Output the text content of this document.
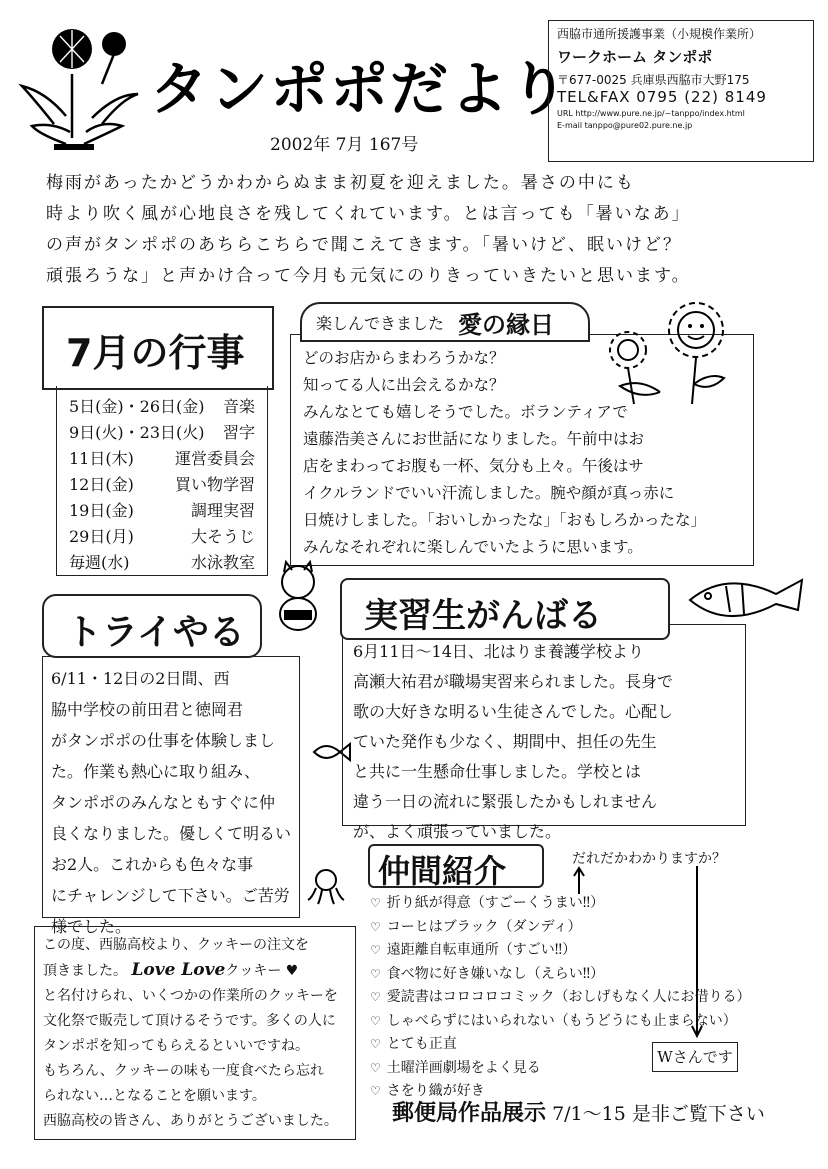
タンポポだより
2002年 7月 167号
西脇市通所援護事業（小規模作業所）
ワークホーム タンポポ
〒677-0025 兵庫県西脇市大野175
TEL&FAX 0795 (22) 8149
URL http://www.pure.ne.jp/~tanppo/index.html
E-mail tanppo@pure02.pure.ne.jp
梅雨があったかどうかわからぬまま初夏を迎えました。暑さの中にも
時より吹く風が心地良さを残してくれています。とは言っても「暑いなあ」
の声がタンポポのあちらこちらで聞こえてきます。「暑いけど、眠いけど？
頑張ろうな」と声かけ合って今月も元気にのりきっていきたいと思います。
7月の行事
5日(金)・26日(金) 音楽
9日(火)・23日(火) 習字
11日(木)	運営委員会
12日(金)	買い物学習
19日(金)	調理実習
29日(月)	大そうじ
毎週(水)	水泳教室
どのお店からまわろうかな？
知ってる人に出会えるかな？
みんなとても嬉しそうでした。ボランティアで
遠藤浩美さんにお世話になりました。午前中はお
店をまわってお腹も一杯、気分も上々。午後はサ
イクルランドでいい汗流しました。腕や顔が真っ赤に
日焼けしました。「おいしかったな」「おもしろかったな」
みんなそれぞれに楽しんでいたように思います。
楽しんできました 愛の縁日
6/11・12日の2日間、西
脇中学校の前田君と徳岡君
がタンポポの仕事を体験しまし
た。作業も熱心に取り組み、
タンポポのみんなともすぐに仲
良くなりました。優しくて明るい
お2人。これからも色々な事
にチャレンジして下さい。ご苦労
様でした。
トライやる	6月11日〜14日、北はりま養護学校より
高瀬大祐君が職場実習来られました。長身で
歌の大好きな明るい生徒さんでした。心配し
ていた発作も少なく、期間中、担任の先生
と共に一生懸命仕事しました。学校とは
違う一日の流れに緊張したかもしれません
が、よく頑張っていました。
実習生がんばる
仲間紹介	だれだかわかりますか？
♡ 折り紙が得意（すごーくうまい‼）
♡ コーヒはブラック（ダンディ）
♡ 遠距離自転車通所（すごい‼）
♡ 食べ物に好き嫌いなし（えらい‼）
♡ 愛読書はコロコロコミック（おしげもなく人にお借りる）
♡ しゃべらずにはいられない（もうどうにも止まらない）
♡ とても正直
♡ 土曜洋画劇場をよく見る
♡ さをり織が好き
Wさんです
この度、西脇高校より、クッキーの注文を
頂きました。 Love Loveクッキー ♥
と名付けられ、いくつかの作業所のクッキーを
文化祭で販売して頂けるそうです。多くの人に
タンポポを知ってもらえるといいですね。
もちろん、クッキーの味も一度食べたら忘れ
られない…となることを願います。
西脇高校の皆さん、ありがとうございました。	郵便局作品展示 7/1〜15 是非ご覧下さい
